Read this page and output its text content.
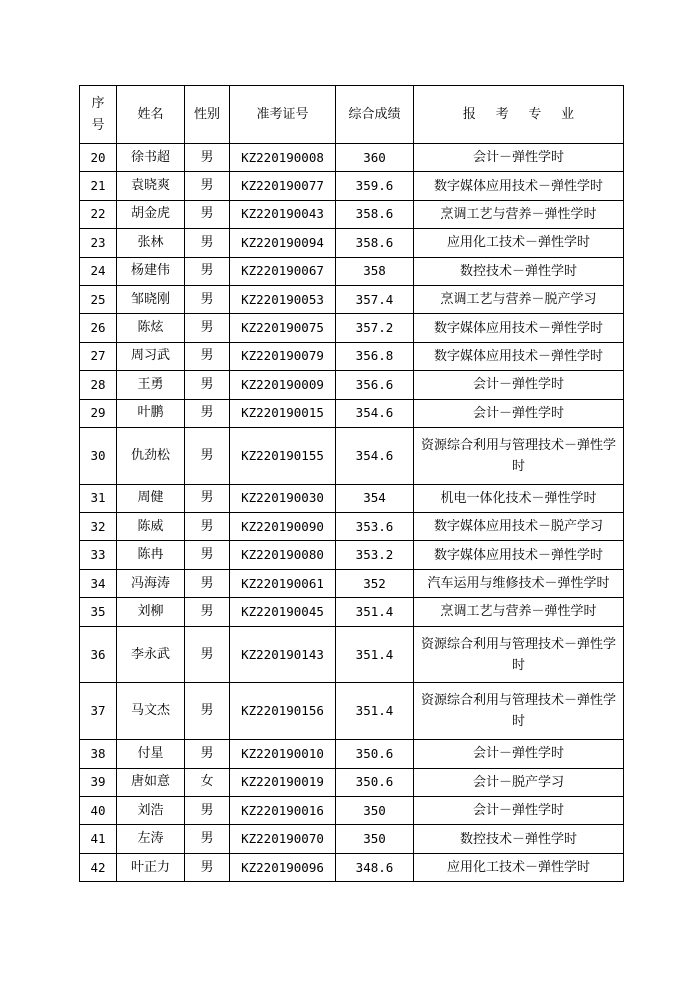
序
号	姓名	性别	准考证号	综合成绩	报 考 专 业
20	徐书超	男	KZ220190008	360	会计－弹性学时
21	袁晓爽	男	KZ220190077	359.6	数字媒体应用技术－弹性学时
22	胡金虎	男	KZ220190043	358.6	烹调工艺与营养－弹性学时
23	张林	男	KZ220190094	358.6	应用化工技术－弹性学时
24	杨建伟	男	KZ220190067	358	数控技术－弹性学时
25	邹晓刚	男	KZ220190053	357.4	烹调工艺与营养－脱产学习
26	陈炫	男	KZ220190075	357.2	数字媒体应用技术－弹性学时
27	周习武	男	KZ220190079	356.8	数字媒体应用技术－弹性学时
28	王勇	男	KZ220190009	356.6	会计－弹性学时
29	叶鹏	男	KZ220190015	354.6	会计－弹性学时
30	仇劲松	男	KZ220190155	354.6	资源综合利用与管理技术－弹性学时
31	周健	男	KZ220190030	354	机电一体化技术－弹性学时
32	陈威	男	KZ220190090	353.6	数字媒体应用技术－脱产学习
33	陈冉	男	KZ220190080	353.2	数字媒体应用技术－弹性学时
34	冯海涛	男	KZ220190061	352	汽车运用与维修技术－弹性学时
35	刘柳	男	KZ220190045	351.4	烹调工艺与营养－弹性学时
36	李永武	男	KZ220190143	351.4	资源综合利用与管理技术－弹性学时
37	马文杰	男	KZ220190156	351.4	资源综合利用与管理技术－弹性学时
38	付星	男	KZ220190010	350.6	会计－弹性学时
39	唐如意	女	KZ220190019	350.6	会计－脱产学习
40	刘浩	男	KZ220190016	350	会计－弹性学时
41	左涛	男	KZ220190070	350	数控技术－弹性学时
42	叶正力	男	KZ220190096	348.6	应用化工技术－弹性学时
